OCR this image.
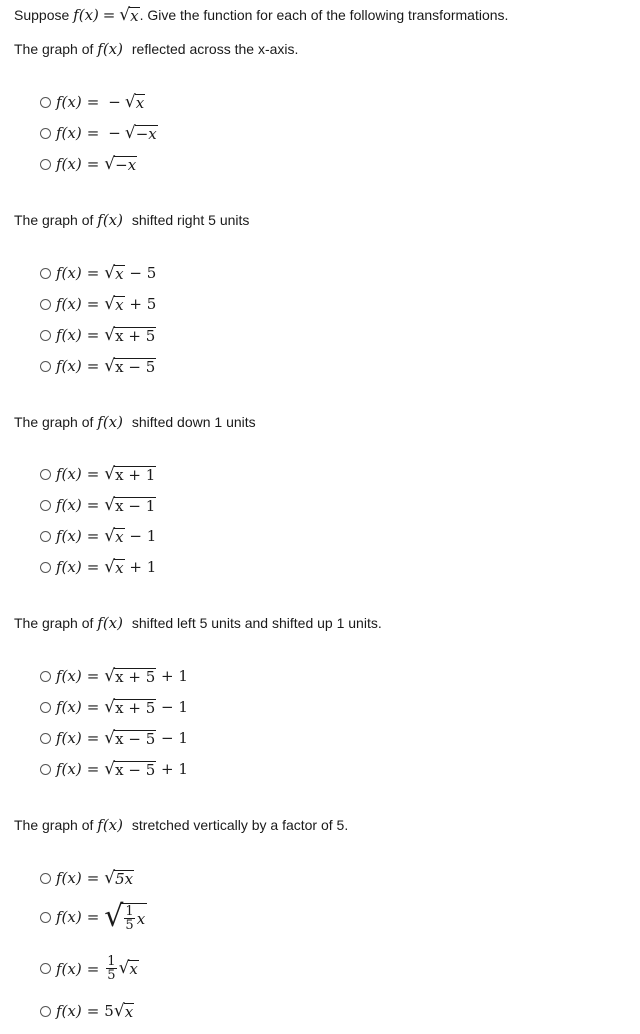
Suppose f(x) = √ x . Give the function for each of the following transformations.
The graph of f(x) reflected across the x-axis.
f(x) = − √ x
f(x) = − √ −x
f(x) = √ −x
The graph of f(x) shifted right 5 units
f(x) = √ x − 5
f(x) = √ x + 5
f(x) = √ x + 5
f(x) = √ x − 5
The graph of f(x) shifted down 1 units
f(x) = √ x + 1
f(x) = √ x − 1
f(x) = √ x − 1
f(x) = √ x + 1
The graph of f(x) shifted left 5 units and shifted up 1 units.
f(x) = √ x + 5 + 1
f(x) = √ x + 5 − 1
f(x) = √ x − 5 − 1
f(x) = √ x − 5 + 1
The graph of f(x) stretched vertically by a factor of 5.
f(x) = √ 5x
f(x) = √ $\frac{1}{5}$ x
$f(x) = \frac{1}{5}$ √ x
f(x) = 5 √ x
